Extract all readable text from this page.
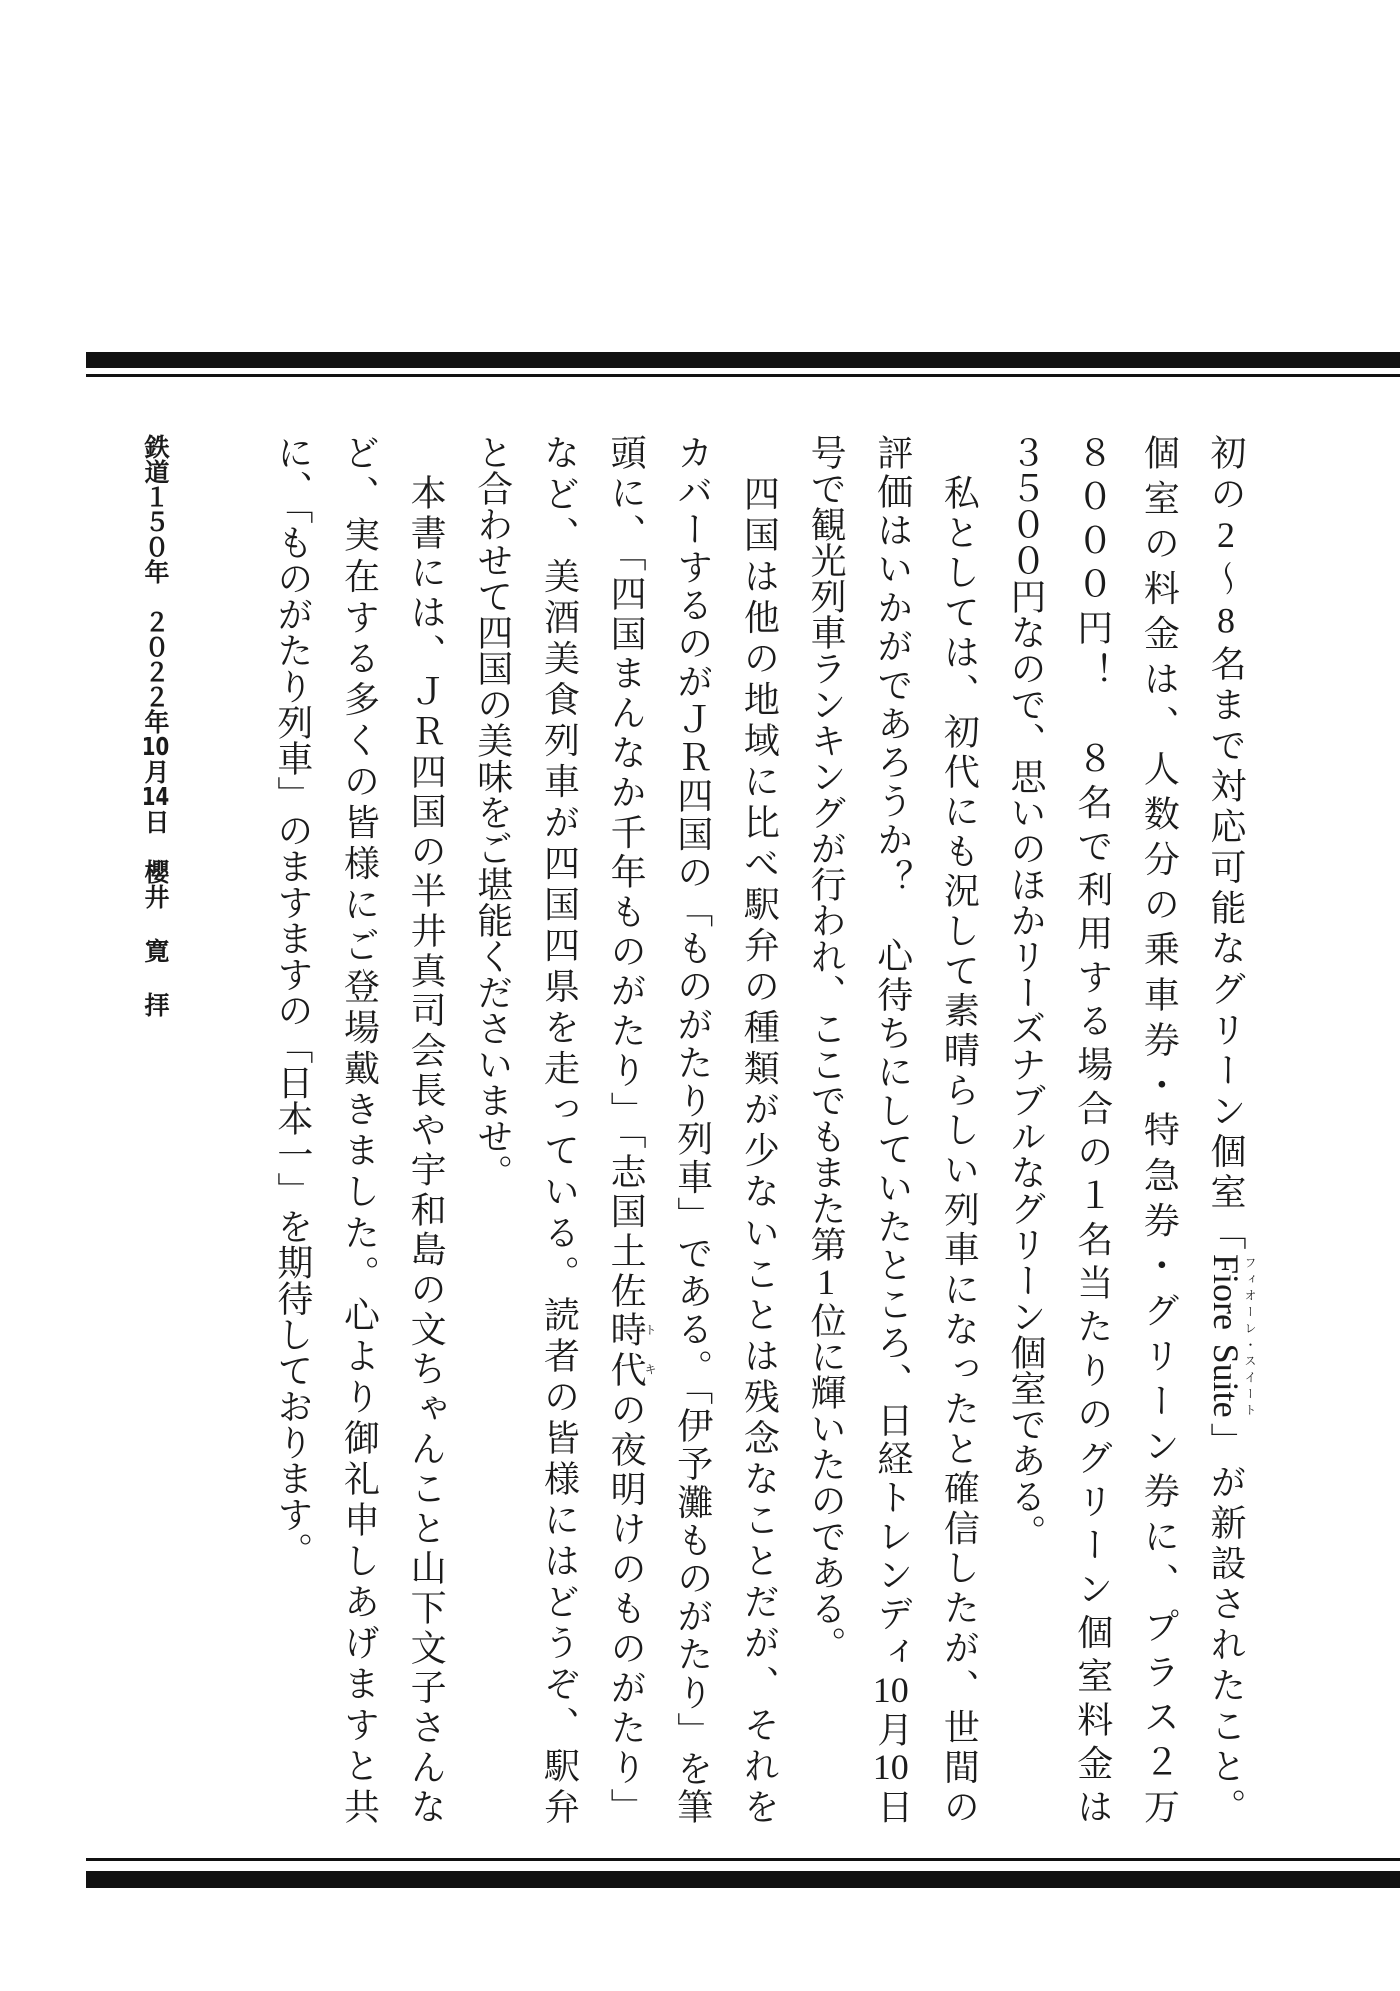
初の2〜8名まで対応可能なグリーン個室「Fiore Suiteフィオーレ・スイート」が新設されたこと。
個室の料金は、人数分の乗車券・特急券・グリーン券に、プラス２万
８０００円！　８名で利用する場合の１名当たりのグリーン個室料金は
３５００円なので、思いのほかリーズナブルなグリーン個室である。
　私としては、初代にも況して素晴らしい列車になったと確信したが、世間の
評価はいかがであろうか？　心待ちにしていたところ、日経トレンディ10月10日
号で観光列車ランキングが行われ、ここでもまた第1位に輝いたのである。
　四国は他の地域に比べ駅弁の種類が少ないことは残念なことだが、それを
カバーするのがＪＲ四国の「ものがたり列車」である。「伊予灘ものがたり」を筆
頭に、「四国まんなか千年ものがたり」「志国土佐時代トキの夜明けのものがたり」
など、美酒美食列車が四国四県を走っている。読者の皆様にはどうぞ、駅弁
と合わせて四国の美味をご堪能くださいませ。
　本書には、ＪＲ四国の半井真司会長や宇和島の文ちゃんこと山下文子さんな
ど、実在する多くの皆様にご登場戴きました。心より御礼申しあげますと共
に、「ものがたり列車」のますますの「日本一」を期待しております。
鉄道１５０年　２０２２年10月14日　櫻井 寛 拝
